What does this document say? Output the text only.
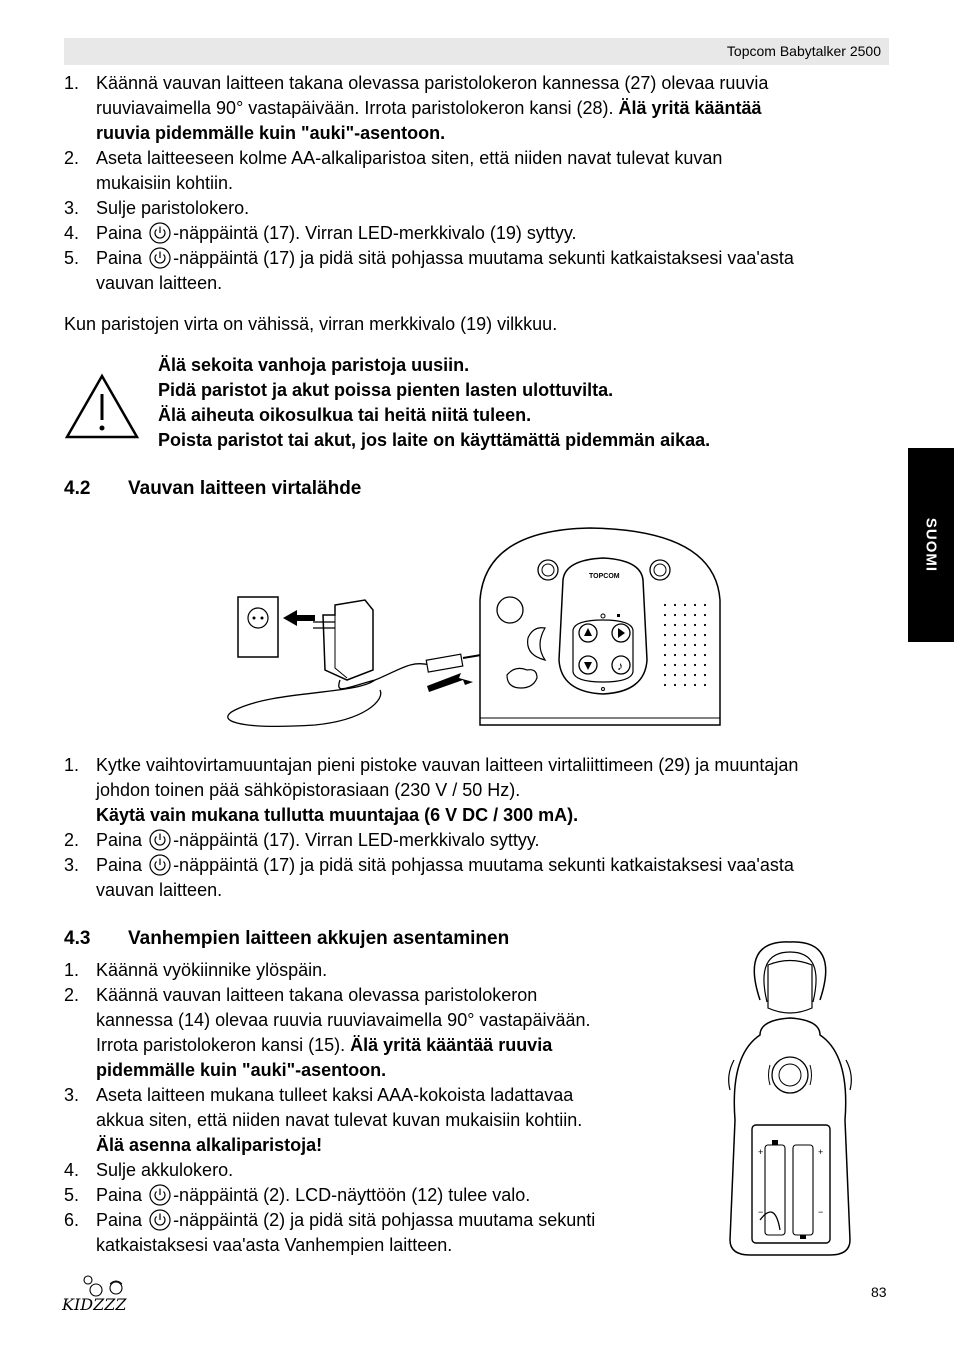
Topcom Babytalker 2500
SUOMI
1. Käännä vauvan laitteen takana olevassa paristolokeron kannessa (27) olevaa ruuvia
ruuviavaimella 90° vastapäivään. Irrota paristolokeron kansi (28). Älä yritä kääntää
ruuvia pidemmälle kuin "auki"-asentoon.
2. Aseta laitteeseen kolme AA-alkaliparistoa siten, että niiden navat tulevat kuvan
mukaisiin kohtiin.
3. Sulje paristolokero.
4. Paina -näppäintä (17). Virran LED-merkkivalo (19) syttyy.
5. Paina -näppäintä (17) ja pidä sitä pohjassa muutama sekunti katkaistaksesi vaa'asta
vauvan laitteen.
Kun paristojen virta on vähissä, virran merkkivalo (19) vilkkuu.
Älä sekoita vanhoja paristoja uusiin.
Pidä paristot ja akut poissa pienten lasten ulottuvilta.
Älä aiheuta oikosulkua tai heitä niitä tuleen.
Poista paristot tai akut, jos laite on käyttämättä pidemmän aikaa.
4.2 Vauvan laitteen virtalähde
TOPCOM
♪
1. Kytke vaihtovirtamuuntajan pieni pistoke vauvan laitteen virtaliittimeen (29) ja muuntajan
johdon toinen pää sähköpistorasiaan (230 V / 50 Hz).
Käytä vain mukana tullutta muuntajaa (6 V DC / 300 mA).
2. Paina -näppäintä (17). Virran LED-merkkivalo syttyy.
3. Paina -näppäintä (17) ja pidä sitä pohjassa muutama sekunti katkaistaksesi vaa'asta
vauvan laitteen.
4.3 Vanhempien laitteen akkujen asentaminen
1. Käännä vyökiinnike ylöspäin.
2. Käännä vauvan laitteen takana olevassa paristolokeron
kannessa (14) olevaa ruuvia ruuviavaimella 90° vastapäivään.
Irrota paristolokeron kansi (15). Älä yritä kääntää ruuvia
pidemmälle kuin "auki"-asentoon.
3. Aseta laitteen mukana tulleet kaksi AAA-kokoista ladattavaa
akkua siten, että niiden navat tulevat kuvan mukaisiin kohtiin.
Älä asenna alkaliparistoja!
4. Sulje akkulokero.
5. Paina -näppäintä (2). LCD-näyttöön (12) tulee valo.
6. Paina -näppäintä (2) ja pidä sitä pohjassa muutama sekunti
katkaistaksesi vaa'asta Vanhempien laitteen.
+	+
−	−
KIDZZZ
83
